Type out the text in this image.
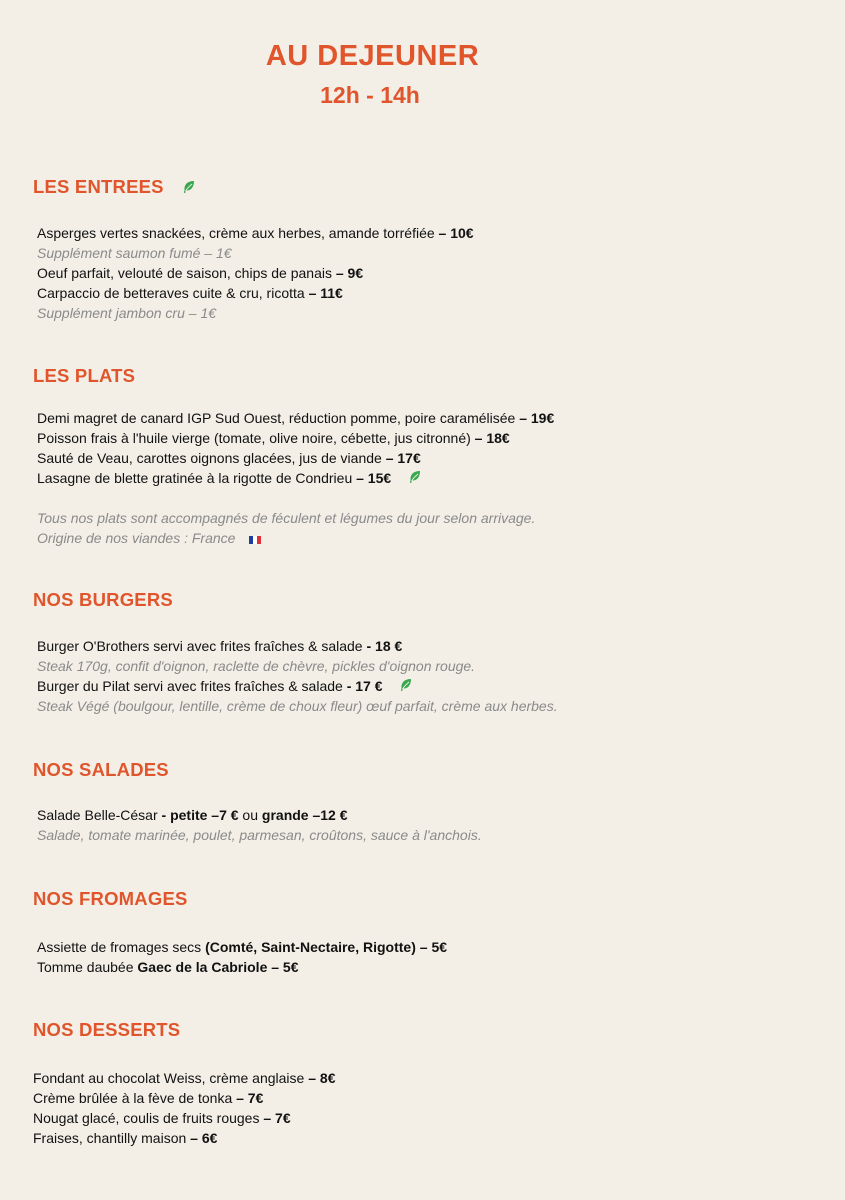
AU DEJEUNER
12h - 14h
LES ENTREES
Asperges vertes snackées, crème aux herbes, amande torréfiée – 10€
Supplément saumon fumé – 1€
Oeuf parfait, velouté de saison, chips de panais – 9€
Carpaccio de betteraves cuite & cru, ricotta – 11€
Supplément jambon cru – 1€
LES PLATS
Demi magret de canard IGP Sud Ouest, réduction pomme, poire caramélisée – 19€
Poisson frais à l'huile vierge (tomate, olive noire, cébette, jus citronné) – 18€
Sauté de Veau, carottes oignons glacées, jus de viande – 17€
Lasagne de blette gratinée à la rigotte de Condrieu – 15€
Tous nos plats sont accompagnés de féculent et légumes du jour selon arrivage.
Origine de nos viandes : France
NOS BURGERS
Burger O'Brothers servi avec frites fraîches & salade - 18 €
Steak 170g, confit d'oignon, raclette de chèvre, pickles d'oignon rouge.
Burger du Pilat servi avec frites fraîches & salade - 17 €
Steak Végé (boulgour, lentille, crème de choux fleur) œuf parfait, crème aux herbes.
NOS SALADES
Salade Belle-César - petite –7 € ou grande –12 €
Salade, tomate marinée, poulet, parmesan, croûtons, sauce à l'anchois.
NOS FROMAGES
Assiette de fromages secs (Comté, Saint-Nectaire, Rigotte) – 5€
Tomme daubée Gaec de la Cabriole – 5€
NOS DESSERTS
Fondant au chocolat Weiss, crème anglaise – 8€
Crème brûlée à la fève de tonka – 7€
Nougat glacé, coulis de fruits rouges – 7€
Fraises, chantilly maison – 6€
